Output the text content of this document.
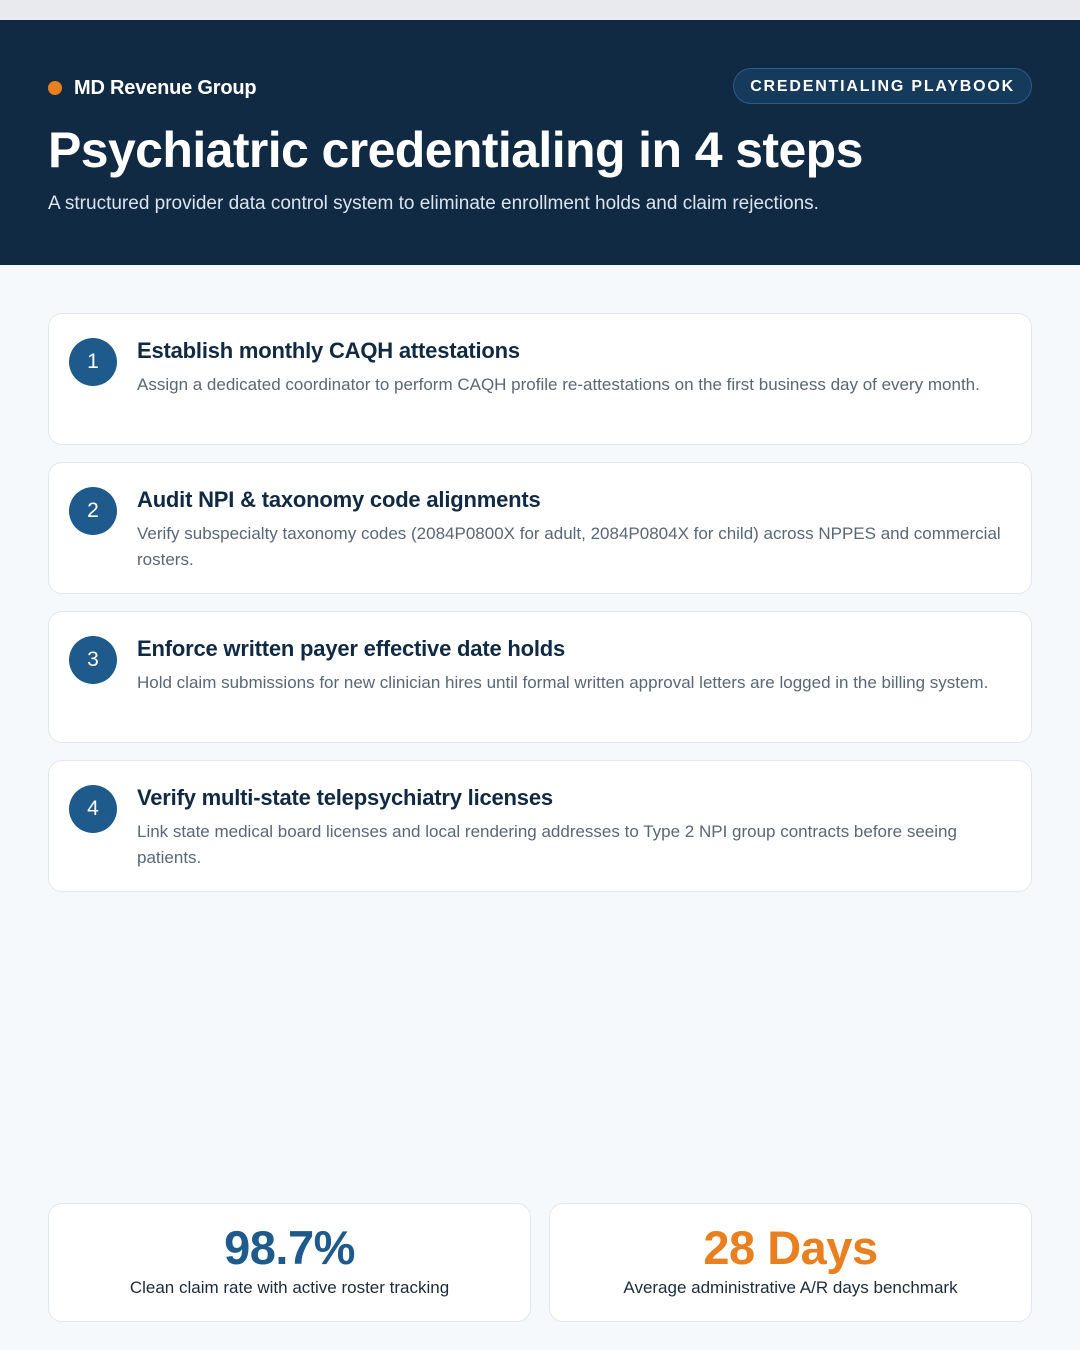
MD Revenue Group	CREDENTIALING PLAYBOOK
Psychiatric credentialing in 4 steps

A structured provider data control system to eliminate enrollment holds and claim rejections.

1	Establish monthly CAQH attestations

Assign a dedicated coordinator to perform CAQH profile re-attestations on the first business day of every month.

2	Audit NPI & taxonomy code alignments

Verify subspecialty taxonomy codes (2084P0800X for adult, 2084P0804X for child) across NPPES and commercial rosters.

3	Enforce written payer effective date holds

Hold claim submissions for new clinician hires until formal written approval letters are logged in the billing system.

4	Verify multi-state telepsychiatry licenses

Link state medical board licenses and local rendering addresses to Type 2 NPI group contracts before seeing patients.

98.7%
Clean claim rate with active roster tracking
28 Days
Average administrative A/R days benchmark
